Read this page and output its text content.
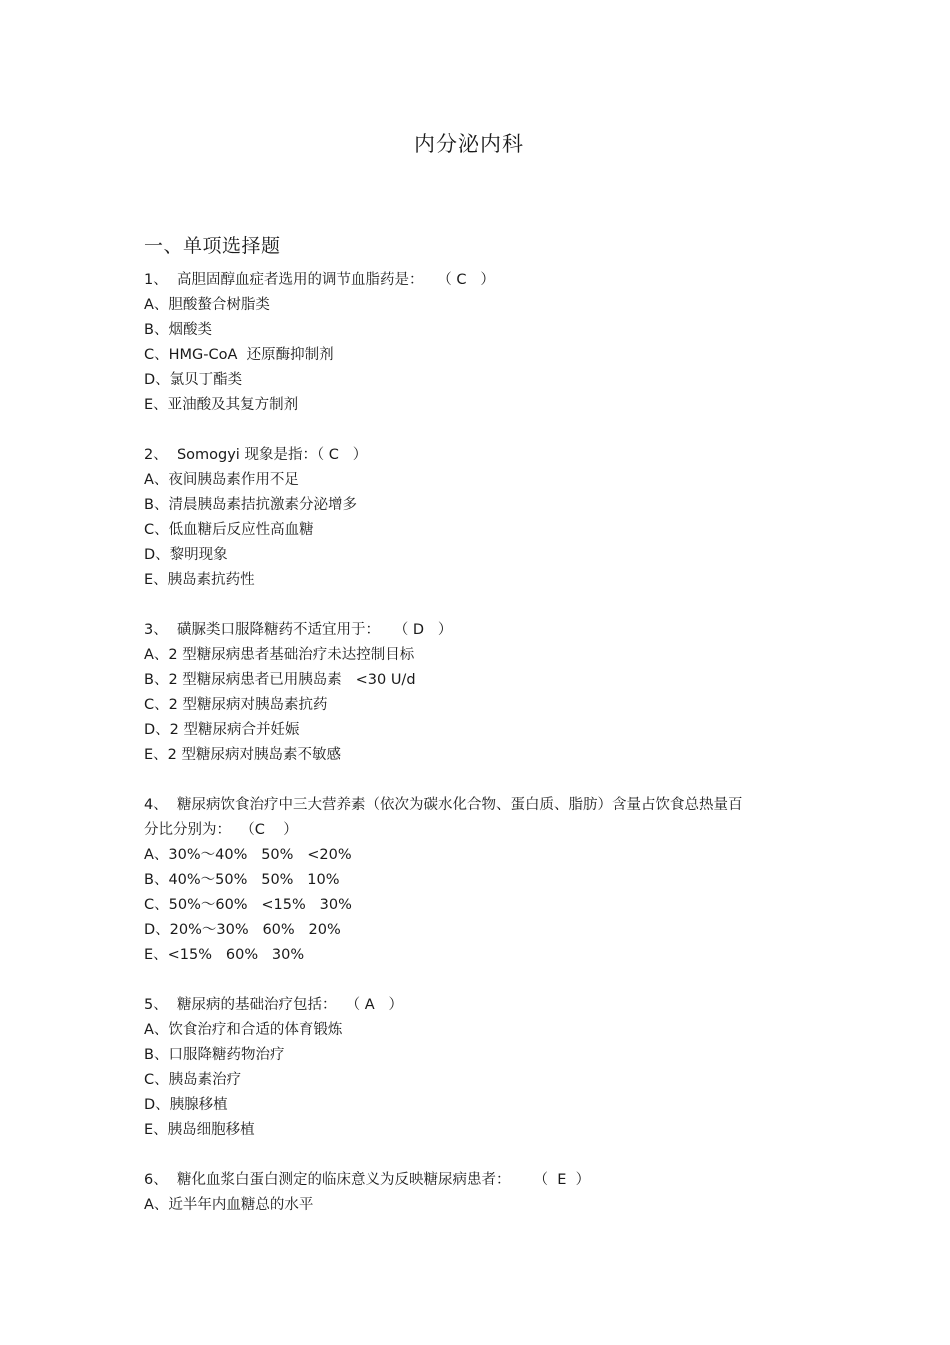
内分泌内科
一、单项选择题
1、  高胆固醇血症者选用的调节血脂药是：   （ C   ）
A、胆酸螯合树脂类
B、烟酸类
C、HMG-CoA  还原酶抑制剂
D、氯贝丁酯类
E、亚油酸及其复方制剂
2、  Somogyi 现象是指：（ C   ）
A、夜间胰岛素作用不足
B、清晨胰岛素拮抗激素分泌增多
C、低血糖后反应性高血糖
D、黎明现象
E、胰岛素抗药性
3、  磺脲类口服降糖药不适宜用于：   （ D   ）
A、2 型糖尿病患者基础治疗未达控制目标
B、2 型糖尿病患者已用胰岛素   <30 U/d
C、2 型糖尿病对胰岛素抗药
D、2 型糖尿病合并妊娠
E、2 型糖尿病对胰岛素不敏感
4、  糖尿病饮食治疗中三大营养素（依次为碳水化合物、蛋白质、脂肪）含量占饮食总热量百分比分别为：  （C    ）
A、30%～40%   50%   <20%
B、40%～50%   50%   10%
C、50%～60%   <15%   30%
D、20%～30%   60%   20%
E、<15%   60%   30%
5、  糖尿病的基础治疗包括：  （ A   ）
A、饮食治疗和合适的体育锻炼
B、口服降糖药物治疗
C、胰岛素治疗
D、胰腺移植
E、胰岛细胞移植
6、  糖化血浆白蛋白测定的临床意义为反映糖尿病患者：     （  E  ）
A、近半年内血糖总的水平
